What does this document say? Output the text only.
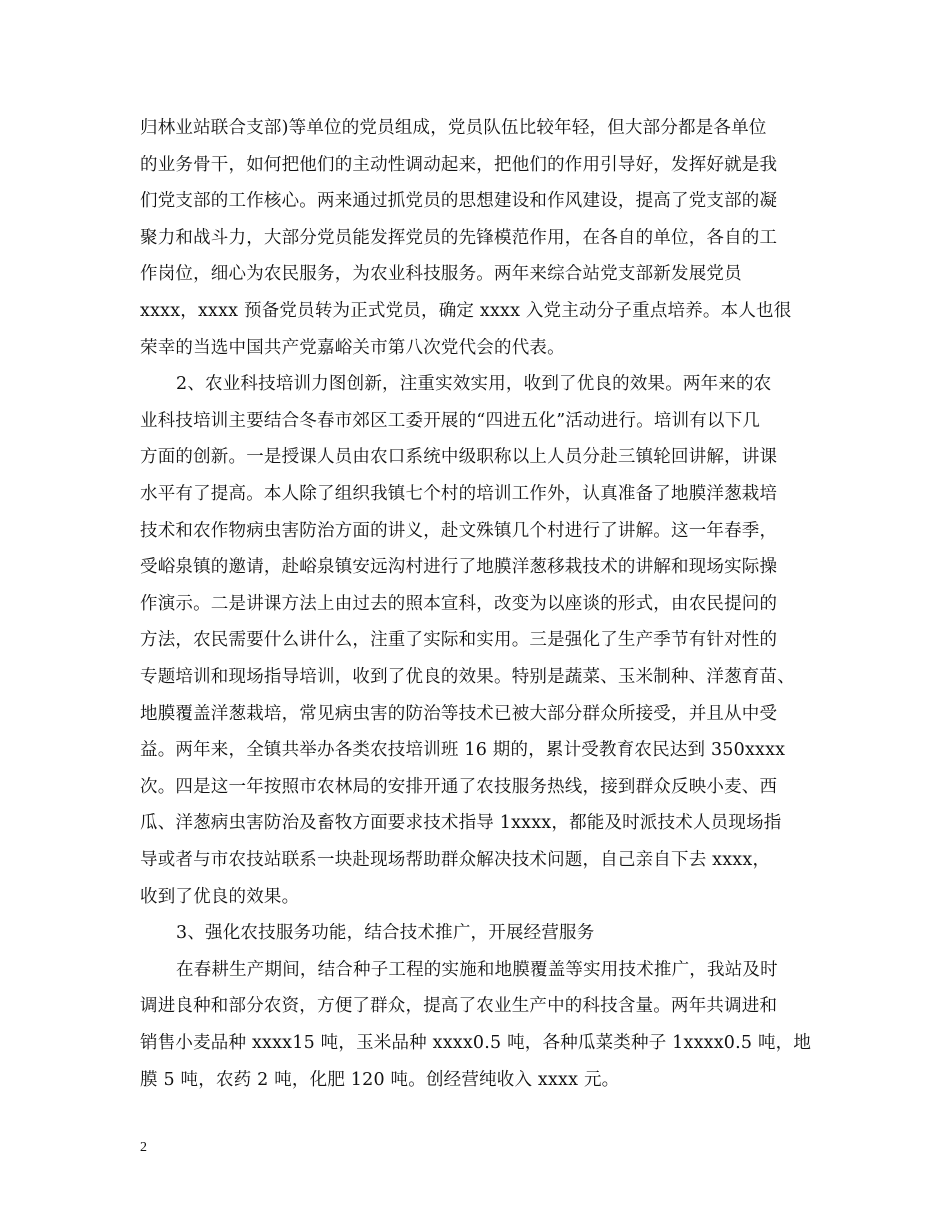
归林业站联合支部)等单位的党员组成，党员队伍比较年轻，但大部分都是各单位
的业务骨干，如何把他们的主动性调动起来，把他们的作用引导好，发挥好就是我
们党支部的工作核心。两来通过抓党员的思想建设和作风建设，提高了党支部的凝
聚力和战斗力，大部分党员能发挥党员的先锋模范作用，在各自的单位，各自的工
作岗位，细心为农民服务，为农业科技服务。两年来综合站党支部新发展党员
xxxx，xxxx 预备党员转为正式党员，确定 xxxx 入党主动分子重点培养。本人也很
荣幸的当选中国共产党嘉峪关市第八次党代会的代表。
2、农业科技培训力图创新，注重实效实用，收到了优良的效果。两年来的农
业科技培训主要结合冬春市郊区工委开展的“四进五化”活动进行。培训有以下几
方面的创新。一是授课人员由农口系统中级职称以上人员分赴三镇轮回讲解，讲课
水平有了提高。本人除了组织我镇七个村的培训工作外，认真准备了地膜洋葱栽培
技术和农作物病虫害防治方面的讲义，赴文殊镇几个村进行了讲解。这一年春季，
受峪泉镇的邀请，赴峪泉镇安远沟村进行了地膜洋葱移栽技术的讲解和现场实际操
作演示。二是讲课方法上由过去的照本宣科，改变为以座谈的形式，由农民提问的
方法，农民需要什么讲什么，注重了实际和实用。三是强化了生产季节有针对性的
专题培训和现场指导培训，收到了优良的效果。特别是蔬菜、玉米制种、洋葱育苗、
地膜覆盖洋葱栽培，常见病虫害的防治等技术已被大部分群众所接受，并且从中受
益。两年来，全镇共举办各类农技培训班 16 期的，累计受教育农民达到 350xxxx
次。四是这一年按照市农林局的安排开通了农技服务热线，接到群众反映小麦、西
瓜、洋葱病虫害防治及畜牧方面要求技术指导 1xxxx，都能及时派技术人员现场指
导或者与市农技站联系一块赴现场帮助群众解决技术问题，自己亲自下去 xxxx，
收到了优良的效果。
3、强化农技服务功能，结合技术推广，开展经营服务
在春耕生产期间，结合种子工程的实施和地膜覆盖等实用技术推广，我站及时
调进良种和部分农资，方便了群众，提高了农业生产中的科技含量。两年共调进和
销售小麦品种 xxxx15 吨，玉米品种 xxxx0.5 吨，各种瓜菜类种子 1xxxx0.5 吨，地
膜 5 吨，农药 2 吨，化肥 120 吨。创经营纯收入 xxxx 元。
2
